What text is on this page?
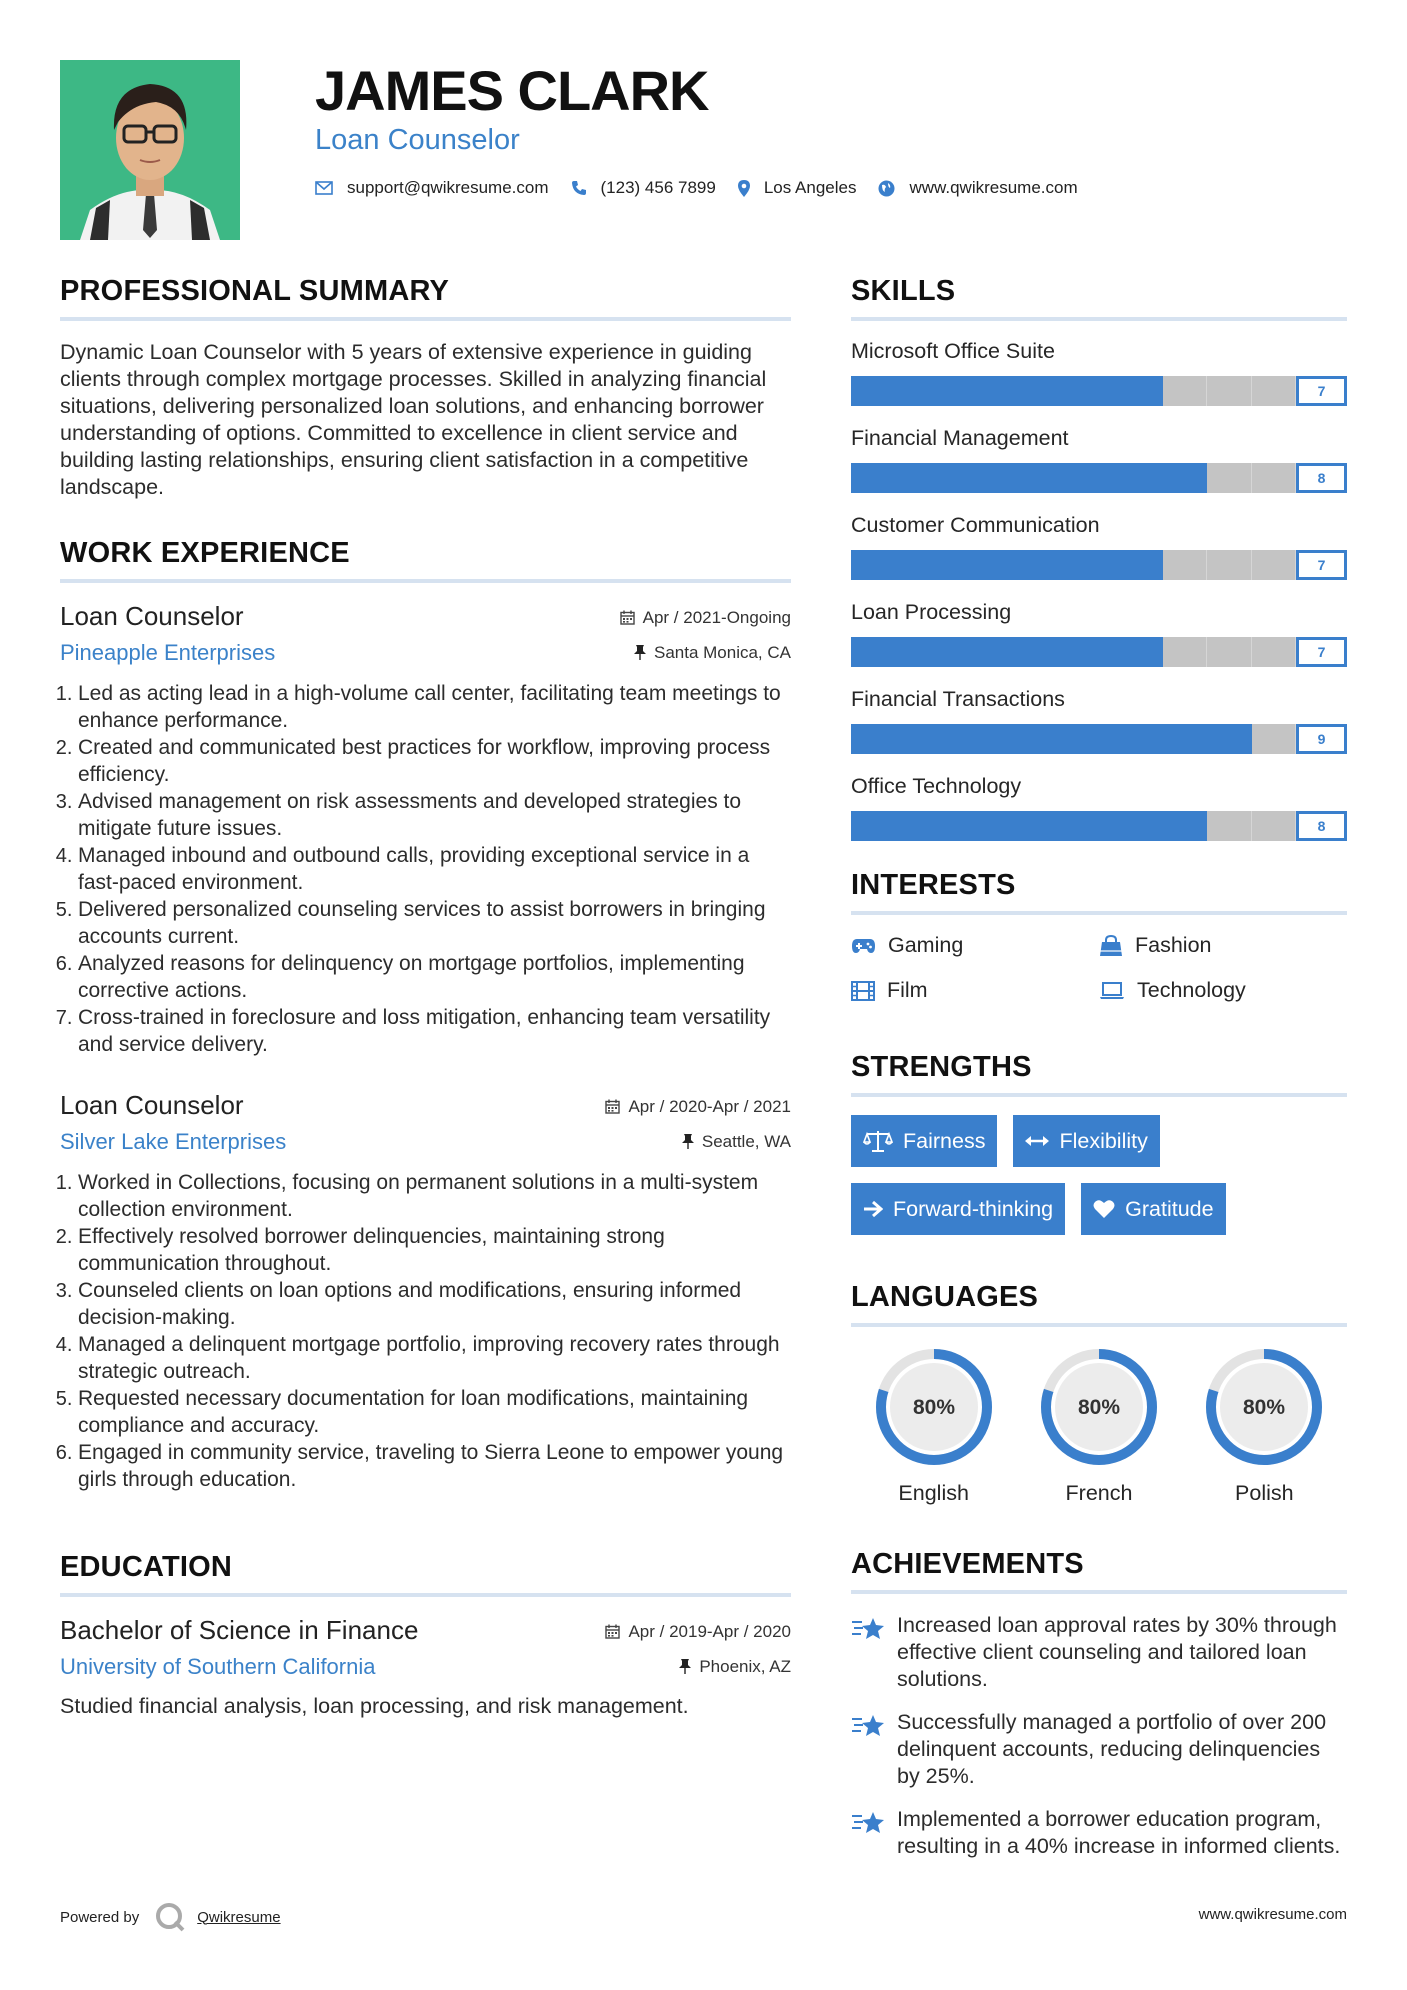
JAMES CLARK
Loan Counselor
support@qwikresume.com	(123) 456 7899	Los Angeles	www.qwikresume.com
PROFESSIONAL SUMMARY

Dynamic Loan Counselor with 5 years of extensive experience in guiding clients through complex mortgage processes. Skilled in analyzing financial situations, delivering personalized loan solutions, and enhancing borrower understanding of options. Committed to excellence in client service and building lasting relationships, ensuring client satisfaction in a competitive landscape.

WORK EXPERIENCE
Loan Counselor	Apr / 2021-Ongoing
Pineapple Enterprises	Santa Monica, CA
1. Led as acting lead in a high-volume call center, facilitating team meetings to enhance performance.
2. Created and communicated best practices for workflow, improving process efficiency.
3. Advised management on risk assessments and developed strategies to mitigate future issues.
4. Managed inbound and outbound calls, providing exceptional service in a fast-paced environment.
5. Delivered personalized counseling services to assist borrowers in bringing accounts current.
6. Analyzed reasons for delinquency on mortgage portfolios, implementing corrective actions.
7. Cross-trained in foreclosure and loss mitigation, enhancing team versatility and service delivery.
Loan Counselor	Apr / 2020-Apr / 2021
Silver Lake Enterprises	Seattle, WA
1. Worked in Collections, focusing on permanent solutions in a multi-system collection environment.
2. Effectively resolved borrower delinquencies, maintaining strong communication throughout.
3. Counseled clients on loan options and modifications, ensuring informed decision-making.
4. Managed a delinquent mortgage portfolio, improving recovery rates through strategic outreach.
5. Requested necessary documentation for loan modifications, maintaining compliance and accuracy.
6. Engaged in community service, traveling to Sierra Leone to empower young girls through education.
EDUCATION
Bachelor of Science in Finance	Apr / 2019-Apr / 2020
University of Southern California	Phoenix, AZ

Studied financial analysis, loan processing, and risk management.

SKILLS
Microsoft Office Suite
7
Financial Management
8
Customer Communication
7
Loan Processing
7
Financial Transactions
9
Office Technology
8
INTERESTS
Gaming	Fashion
Film	Technology
STRENGTHS
Fairness	Flexibility
Forward-thinking	Gratitude
LANGUAGES
80%
English
80%
French
80%
Polish
ACHIEVEMENTS
Increased loan approval rates by 30% through effective client counseling and tailored loan solutions.
Successfully managed a portfolio of over 200 delinquent accounts, reducing delinquencies by 25%.
Implemented a borrower education program, resulting in a 40% increase in informed clients.
Powered by	Qwikresume	www.qwikresume.com
